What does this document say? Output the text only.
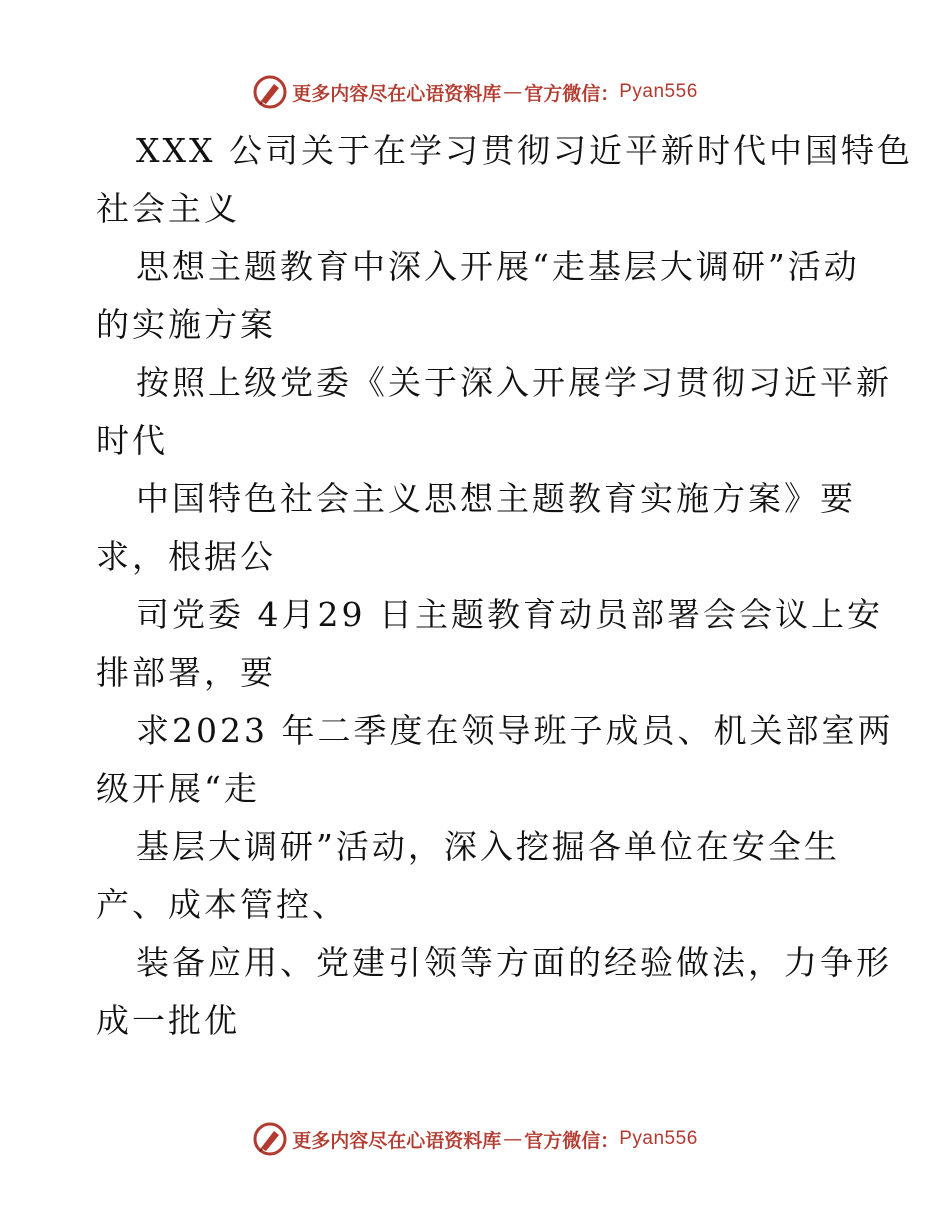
更多内容尽在心语资料库 — 官方微信： Pyan556
XXX 公司关于在学习贯彻习近平新时代中国特色
社会主义
思想主题教育中深入开展“走基层大调研”活动
的实施方案
按照上级党委《关于深入开展学习贯彻习近平新
时代
中国特色社会主义思想主题教育实施方案》要
求，根据公
司党委 4月29 日主题教育动员部署会会议上安
排部署，要
求2023 年二季度在领导班子成员、机关部室两
级开展“走
基层大调研”活动，深入挖掘各单位在安全生
产、成本管控、
装备应用、党建引领等方面的经验做法，力争形
成一批优
更多内容尽在心语资料库 — 官方微信： Pyan556
